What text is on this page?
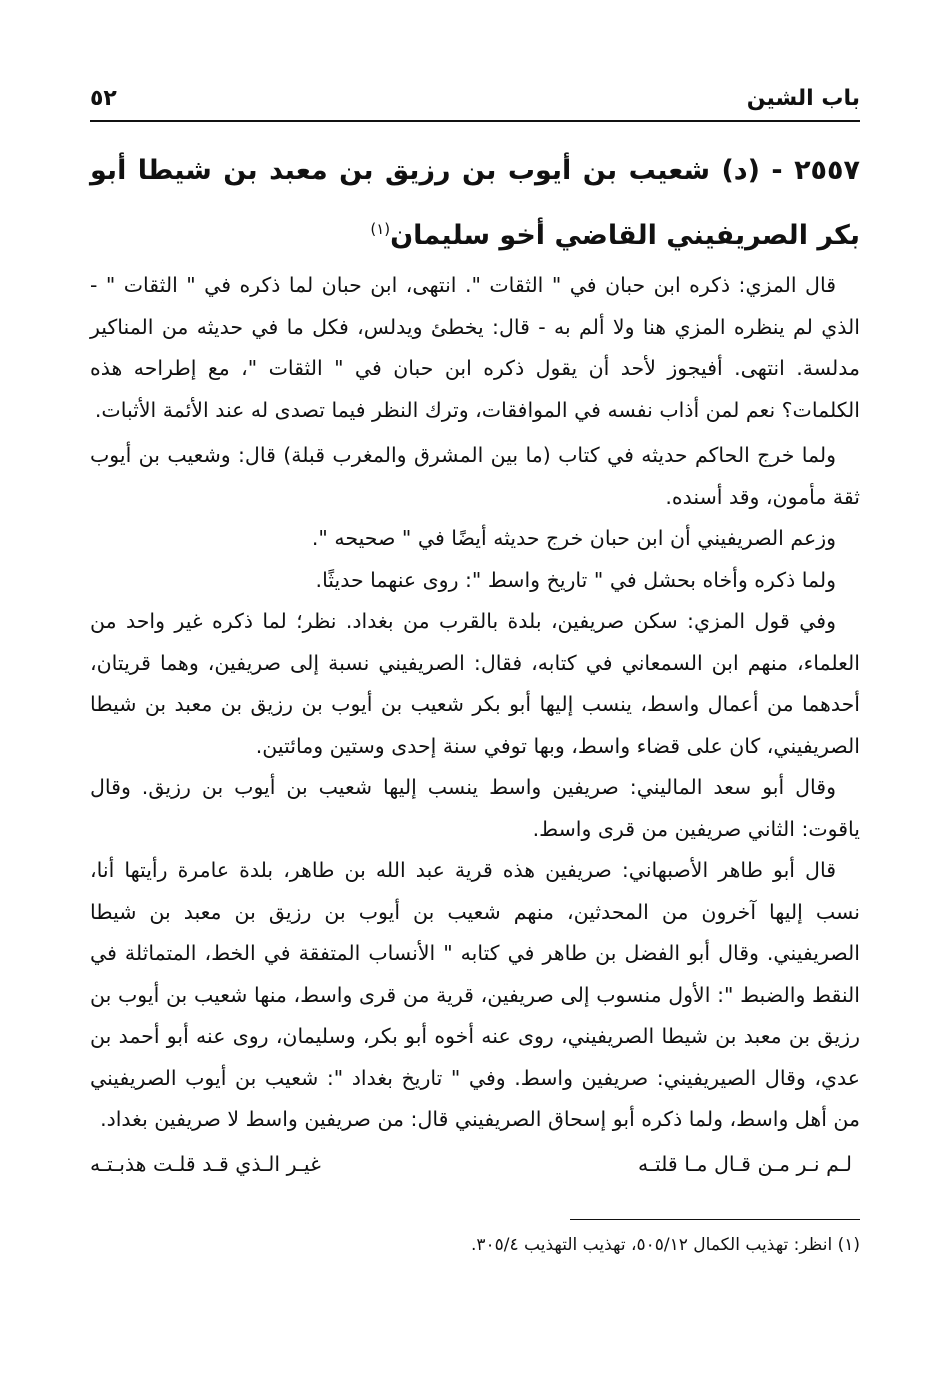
باب الشين
٥٢
٢٥٥٧ - (د) شعيب بن أيوب بن رزيق بن معبد بن شيطا أبو بكر الصريفيني القاضي أخو سليمان$^{(١)}$

قال المزي: ذكره ابن حبان في " الثقات ". انتهى، ابن حبان لما ذكره في " الثقات " - الذي لم ينظره المزي هنا ولا ألم به - قال: يخطئ ويدلس، فكل ما في حديثه من المناكير مدلسة. انتهى. أفيجوز لأحد أن يقول ذكره ابن حبان في " الثقات "، مع إطراحه هذه الكلمات؟ نعم لمن أذاب نفسه في الموافقات، وترك النظر فيما تصدى له عند الأئمة الأثبات.

ولما خرج الحاكم حديثه في كتاب (ما بين المشرق والمغرب قبلة) قال: وشعيب بن أيوب ثقة مأمون، وقد أسنده.

وزعم الصريفيني أن ابن حبان خرج حديثه أيضًا في " صحيحه ".

ولما ذكره وأخاه بحشل في " تاريخ واسط ": روى عنهما حديثًا.

وفي قول المزي: سكن صريفين، بلدة بالقرب من بغداد. نظر؛ لما ذكره غير واحد من العلماء، منهم ابن السمعاني في كتابه، فقال: الصريفيني نسبة إلى صريفين، وهما قريتان، أحدهما من أعمال واسط، ينسب إليها أبو بكر شعيب بن أيوب بن رزيق بن معبد بن شيطا الصريفيني، كان على قضاء واسط، وبها توفي سنة إحدى وستين ومائتين.

وقال أبو سعد الماليني: صريفين واسط ينسب إليها شعيب بن أيوب بن رزيق. وقال ياقوت: الثاني صريفين من قرى واسط.

قال أبو طاهر الأصبهاني: صريفين هذه قرية عبد الله بن طاهر، بلدة عامرة رأيتها أنا، نسب إليها آخرون من المحدثين، منهم شعيب بن أيوب بن رزيق بن معبد بن شيطا الصريفيني. وقال أبو الفضل بن طاهر في كتابه " الأنساب المتفقة في الخط، المتماثلة في النقط والضبط ": الأول منسوب إلى صريفين، قرية من قرى واسط، منها شعيب بن أيوب بن رزيق بن معبد بن شيطا الصريفيني، روى عنه أخوه أبو بكر، وسليمان، روى عنه أبو أحمد بن عدي، وقال الصيريفيني: صريفين واسط. وفي " تاريخ بغداد ": شعيب بن أيوب الصريفيني من أهل واسط، ولما ذكره أبو إسحاق الصريفيني قال: من صريفين واسط لا صريفين بغداد.

لـم نـر مـن قـال مـا قلتـه
غيـر الـذي قـد قلـت هذبـتـه
(١) انظر: تهذيب الكمال ٥٠٥/١٢، تهذيب التهذيب ٣٠٥/٤.
